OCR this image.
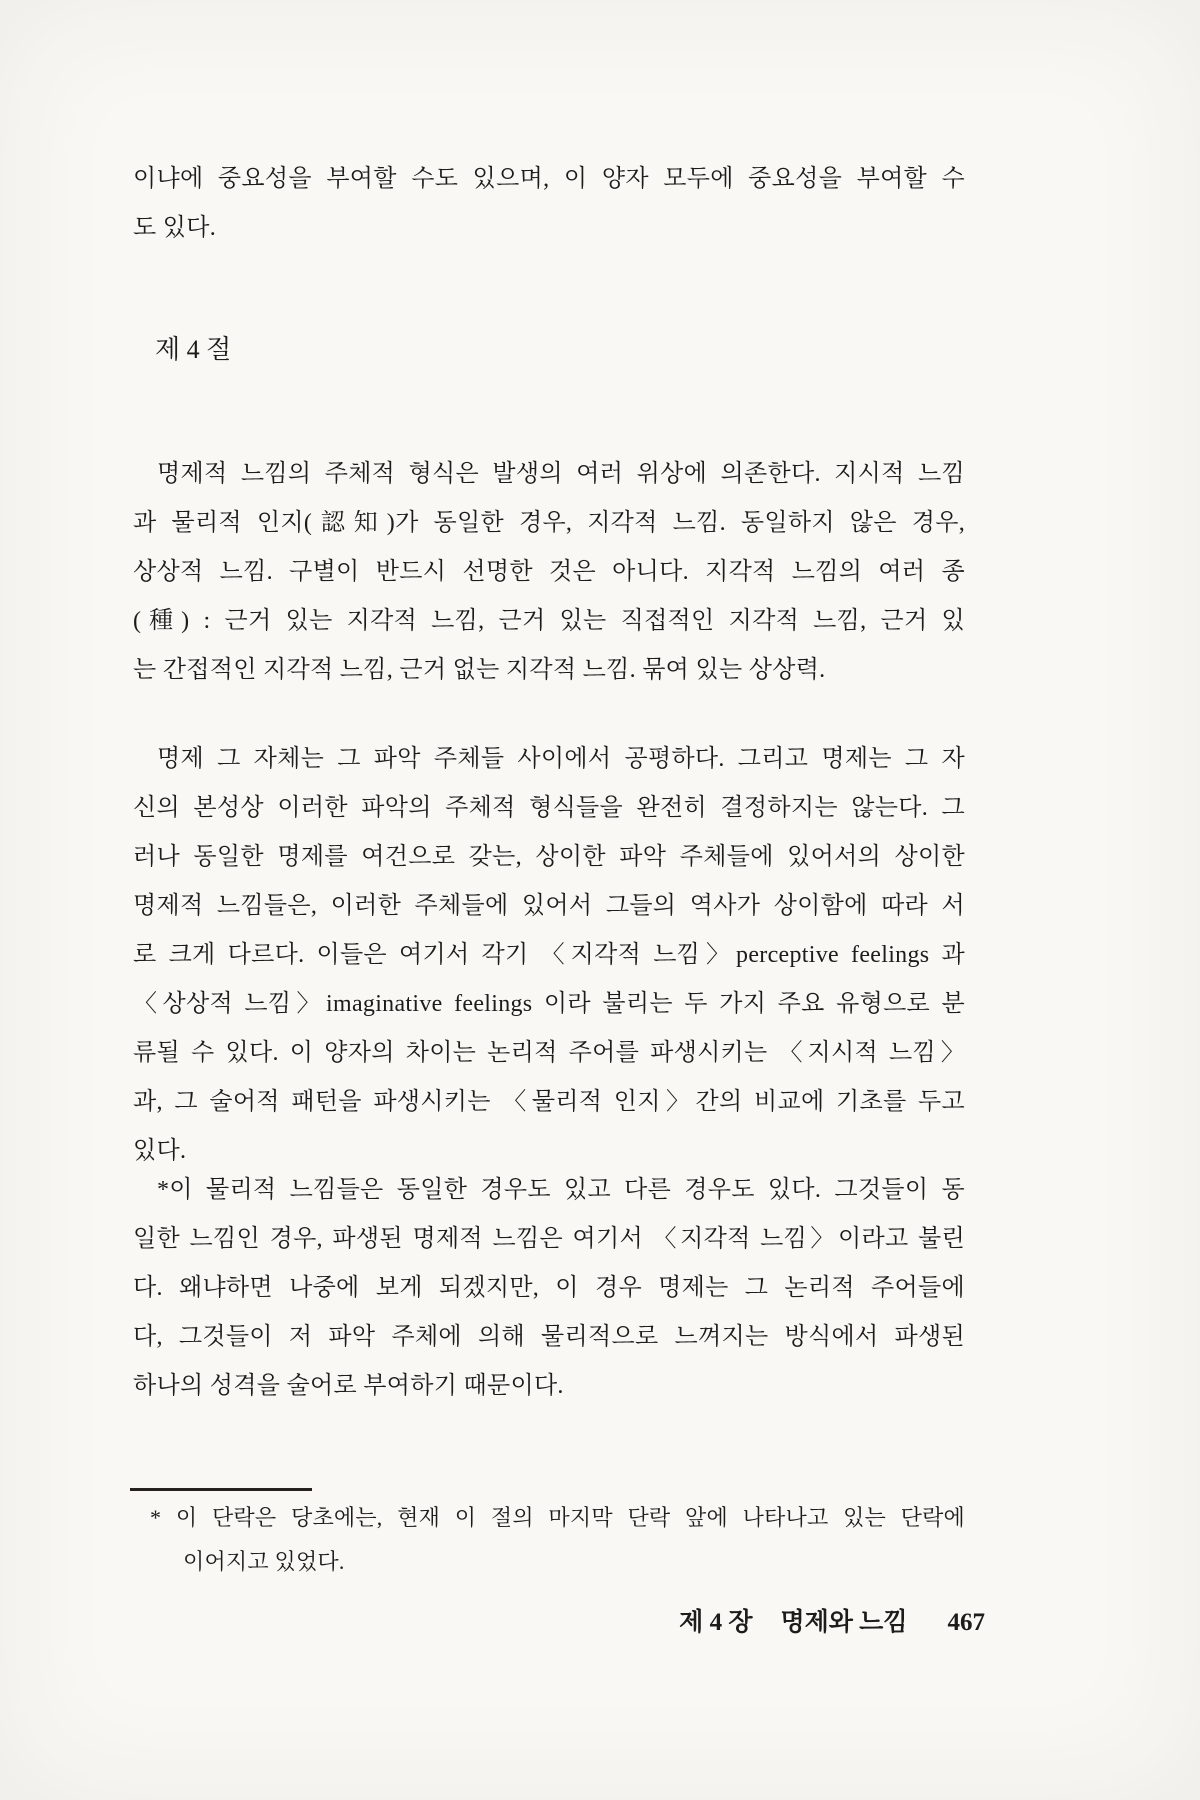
이냐에 중요성을 부여할 수도 있으며, 이 양자 모두에 중요성을 부여할 수
도 있다.
제 4 절
명제적 느낌의 주체적 형식은 발생의 여러 위상에 의존한다. 지시적 느낌
과 물리적 인지(認知)가 동일한 경우, 지각적 느낌. 동일하지 않은 경우,
상상적 느낌. 구별이 반드시 선명한 것은 아니다. 지각적 느낌의 여러 종
(種) : 근거 있는 지각적 느낌, 근거 있는 직접적인 지각적 느낌, 근거 있
는 간접적인 지각적 느낌, 근거 없는 지각적 느낌. 묶여 있는 상상력.
명제 그 자체는 그 파악 주체들 사이에서 공평하다. 그리고 명제는 그 자
신의 본성상 이러한 파악의 주체적 형식들을 완전히 결정하지는 않는다. 그
러나 동일한 명제를 여건으로 갖는, 상이한 파악 주체들에 있어서의 상이한
명제적 느낌들은, 이러한 주체들에 있어서 그들의 역사가 상이함에 따라 서
로 크게 다르다. 이들은 여기서 각기 〈지각적 느낌〉perceptive feelings 과
〈상상적 느낌〉imaginative feelings 이라 불리는 두 가지 주요 유형으로 분
류될 수 있다. 이 양자의 차이는 논리적 주어를 파생시키는 〈지시적 느낌〉
과, 그 술어적 패턴을 파생시키는 〈물리적 인지〉간의 비교에 기초를 두고
있다.
*이 물리적 느낌들은 동일한 경우도 있고 다른 경우도 있다. 그것들이 동
일한 느낌인 경우, 파생된 명제적 느낌은 여기서 〈지각적 느낌〉이라고 불린
다. 왜냐하면 나중에 보게 되겠지만, 이 경우 명제는 그 논리적 주어들에
다, 그것들이 저 파악 주체에 의해 물리적으로 느껴지는 방식에서 파생된
하나의 성격을 술어로 부여하기 때문이다.
* 이 단락은 당초에는, 현재 이 절의 마지막 단락 앞에 나타나고 있는 단락에
이어지고 있었다.
제 4 장 명제와 느낌 467
